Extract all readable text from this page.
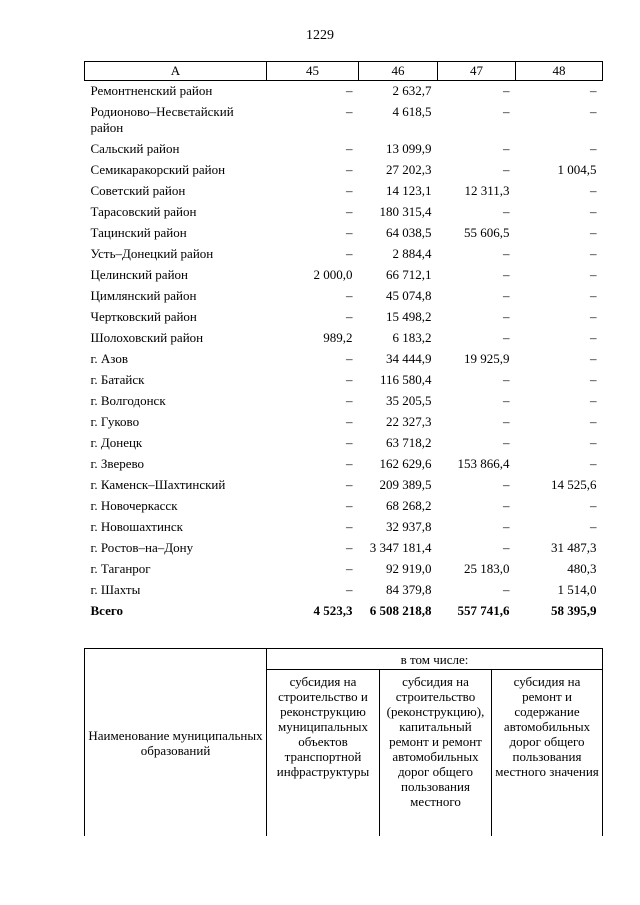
1229
А	45	46	47	48
Ремонтненский район	–	2 632,7	–	–
Родионово–Несвєтайский район	–	4 618,5	–	–
Сальский район	–	13 099,9	–	–
Семикаракорский район	–	27 202,3	–	1 004,5
Советский район	–	14 123,1	12 311,3	–
Тарасовский район	–	180 315,4	–	–
Тацинский район	–	64 038,5	55 606,5	–
Усть–Донецкий район	–	2 884,4	–	–
Целинский район	2 000,0	66 712,1	–	–
Цимлянский район	–	45 074,8	–	–
Чертковский район	–	15 498,2	–	–
Шолоховский район	989,2	6 183,2	–	–
г. Азов	–	34 444,9	19 925,9	–
г. Батайск	–	116 580,4	–	–
г. Волгодонск	–	35 205,5	–	–
г. Гуково	–	22 327,3	–	–
г. Донецк	–	63 718,2	–	–
г. Зверево	–	162 629,6	153 866,4	–
г. Каменск–Шахтинский	–	209 389,5	–	14 525,6
г. Новочеркасск	–	68 268,2	–	–
г. Новошахтинск	–	32 937,8	–	–
г. Ростов–на–Дону	–	3 347 181,4	–	31 487,3
г. Таганрог	–	92 919,0	25 183,0	480,3
г. Шахты	–	84 379,8	–	1 514,0
Всего	4 523,3	6 508 218,8	557 741,6	58 395,9
Наименование муниципальных образований	в том числе:		
	субсидия на строительство и реконструкцию муниципальных объектов транспортной инфраструктуры	субсидия на строительство (реконструкцию), капитальный ремонт и ремонт автомобильных дорог общего пользования местного	субсидия на ремонт и содержание автомобильных дорог общего пользования местного значения
